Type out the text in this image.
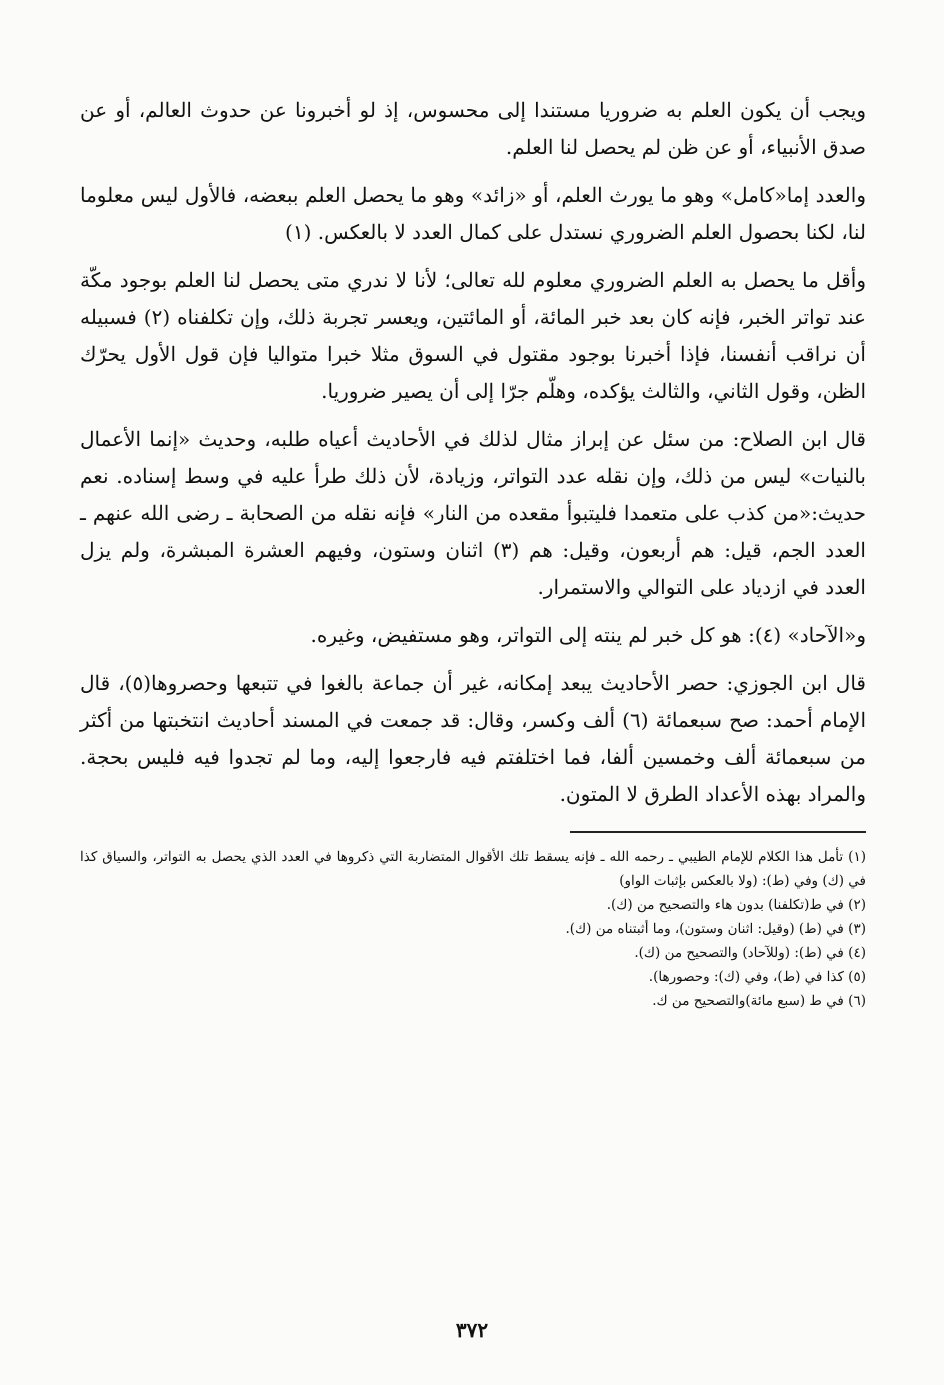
ويجب أن يكون العلم به ضروريا مستندا إلى محسوس، إذ لو أخبرونا عن حدوث العالم، أو عن صدق الأنبياء، أو عن ظن لم يحصل لنا العلم.

والعدد إما«كامل» وهو ما يورث العلم، أو «زائد» وهو ما يحصل العلم ببعضه، فالأول ليس معلوما لنا، لكنا بحصول العلم الضروري نستدل على كمال العدد لا بالعكس. (١)

وأقل ما يحصل به العلم الضروري معلوم لله تعالى؛ لأنا لا ندري متى يحصل لنا العلم بوجود مكّة عند تواتر الخبر، فإنه كان بعد خبر المائة، أو المائتين، ويعسر تجربة ذلك، وإن تكلفناه (٢) فسبيله أن نراقب أنفسنا، فإذا أخبرنا بوجود مقتول في السوق مثلا خبرا متواليا فإن قول الأول يحرّك الظن، وقول الثاني، والثالث يؤكده، وهلّم جرّا إلى أن يصير ضروريا.

قال ابن الصلاح: من سئل عن إبراز مثال لذلك في الأحاديث أعياه طلبه، وحديث «إنما الأعمال بالنيات» ليس من ذلك، وإن نقله عدد التواتر، وزيادة، لأن ذلك طرأ عليه في وسط إسناده. نعم حديث:«من كذب على متعمدا فليتبوأ مقعده من النار» فإنه نقله من الصحابة ـ رضى الله عنهم ـ العدد الجم، قيل: هم أربعون، وقيل: هم (٣) اثنان وستون، وفيهم العشرة المبشرة، ولم يزل العدد في ازدياد على التوالي والاستمرار.

و«الآحاد» (٤): هو كل خبر لم ينته إلى التواتر، وهو مستفيض، وغيره.

قال ابن الجوزي: حصر الأحاديث يبعد إمكانه، غير أن جماعة بالغوا في تتبعها وحصروها(٥)، قال الإمام أحمد: صح سبعمائة (٦) ألف وكسر، وقال: قد جمعت في المسند أحاديث انتخبتها من أكثر من سبعمائة ألف وخمسين ألفا، فما اختلفتم فيه فارجعوا إليه، وما لم تجدوا فيه فليس بحجة. والمراد بهذه الأعداد الطرق لا المتون.

(١) تأمل هذا الكلام للإمام الطيبي ـ رحمه الله ـ فإنه يسقط تلك الأقوال المتضاربة التي ذكروها في العدد الذي يحصل به التواتر، والسياق كذا في (ك) وفي (ط): (ولا بالعكس بإثبات الواو)

(٢) في ط(تكلفنا) بدون هاء والتصحيح من (ك).

(٣) في (ط) (وقيل: اثنان وستون)، وما أثبتناه من (ك).

(٤) في (ط): (وللآحاد) والتصحيح من (ك).

(٥) كذا في (ط)، وفي (ك): وحصورها).

(٦) في ط (سبع مائة)والتصحيح من ك.

٣٧٢
